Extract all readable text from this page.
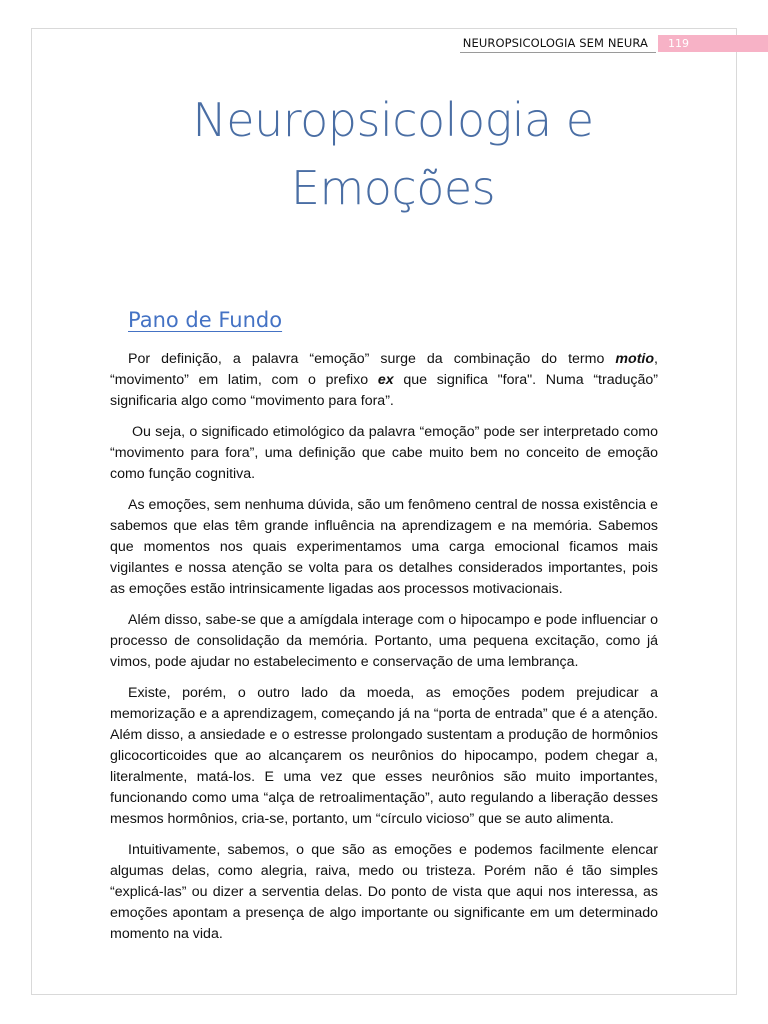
NEUROPSICOLOGIA SEM NEURA	119
Neuropsicologia e
Emoções
Pano de Fundo

Por definição, a palavra “emoção” surge da combinação do termo motio, “movimento” em latim, com o prefixo ex que significa "fora". Numa “tradução” significaria algo como “movimento para fora”.

Ou seja, o significado etimológico da palavra “emoção” pode ser interpretado como “movimento para fora”, uma definição que cabe muito bem no conceito de emoção como função cognitiva.

As emoções, sem nenhuma dúvida, são um fenômeno central de nossa existência e sabemos que elas têm grande influência na aprendizagem e na memória. Sabemos que momentos nos quais experimentamos uma carga emocional ficamos mais vigilantes e nossa atenção se volta para os detalhes considerados importantes, pois as emoções estão intrinsicamente ligadas aos processos motivacionais.

Além disso, sabe-se que a amígdala interage com o hipocampo e pode influenciar o processo de consolidação da memória. Portanto, uma pequena excitação, como já vimos, pode ajudar no estabelecimento e conservação de uma lembrança.

Existe, porém, o outro lado da moeda, as emoções podem prejudicar a memorização e a aprendizagem, começando já na “porta de entrada” que é a atenção. Além disso, a ansiedade e o estresse prolongado sustentam a produção de hormônios glicocorticoides que ao alcançarem os neurônios do hipocampo, podem chegar a, literalmente, matá-los. E uma vez que esses neurônios são muito importantes, funcionando como uma “alça de retroalimentação”, auto regulando a liberação desses mesmos hormônios, cria-se, portanto, um “círculo vicioso” que se auto alimenta.

Intuitivamente, sabemos, o que são as emoções e podemos facilmente elencar algumas delas, como alegria, raiva, medo ou tristeza. Porém não é tão simples “explicá-las” ou dizer a serventia delas. Do ponto de vista que aqui nos interessa, as emoções apontam a presença de algo importante ou significante em um determinado momento na vida.
